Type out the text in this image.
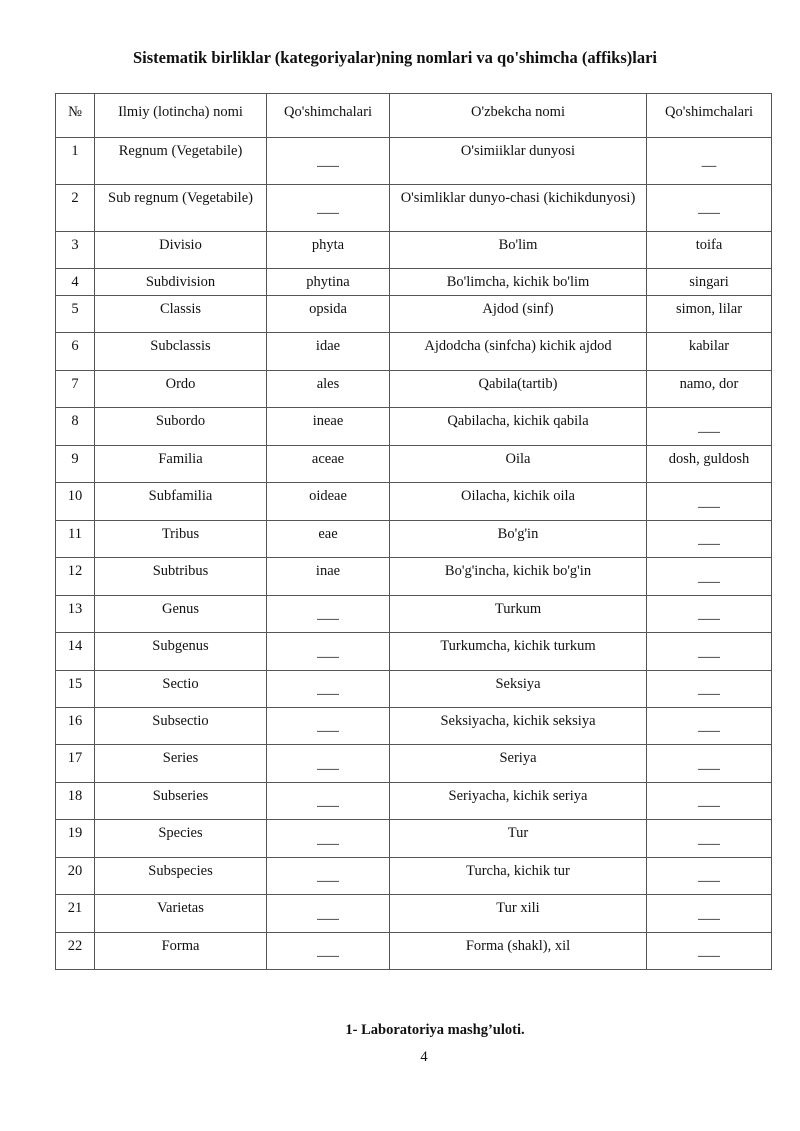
Sistematik birliklar (kategoriyalar)ning nomlari va qo'shimcha (affiks)lari
№	Ilmiy (lotincha) nomi	Qo'shimchalari	O'zbekcha nomi	Qo'shimchalari
1	Regnum (Vegetabile)	___	O'simiiklar dunyosi	__
2	Sub regnum (Vegetabile)	___	O'simliklar dunyo-chasi (kichikdunyosi)	___
3	Divisio	phyta	Bo'lim	toifa
4	Subdivision	phytina	Bo'limcha, kichik bo'lim	singari
5	Classis	opsida	Ajdod (sinf)	simon, lilar
6	Subclassis	idae	Ajdodcha (sinfcha) kichik ajdod	kabilar
7	Ordo	ales	Qabila(tartib)	namo, dor
8	Subordo	ineae	Qabilacha, kichik qabila	___
9	Familia	aceae	Oila	dosh, guldosh
10	Subfamilia	oideae	Oilacha, kichik oila	___
11	Tribus	eae	Bo'g'in	___
12	Subtribus	inae	Bo'g'incha, kichik bo'g'in	___
13	Genus	___	Turkum	___
14	Subgenus	___	Turkumcha, kichik turkum	___
15	Sectio	___	Seksiya	___
16	Subsectio	___	Seksiyacha, kichik seksiya	___
17	Series	___	Seriya	___
18	Subseries	___	Seriyacha, kichik seriya	___
19	Species	___	Tur	___
20	Subspecies	___	Turcha, kichik tur	___
21	Varietas	___	Tur xili	___
22	Forma	___	Forma (shakl), xil	___
1- Laboratoriya mashg’uloti.
4
